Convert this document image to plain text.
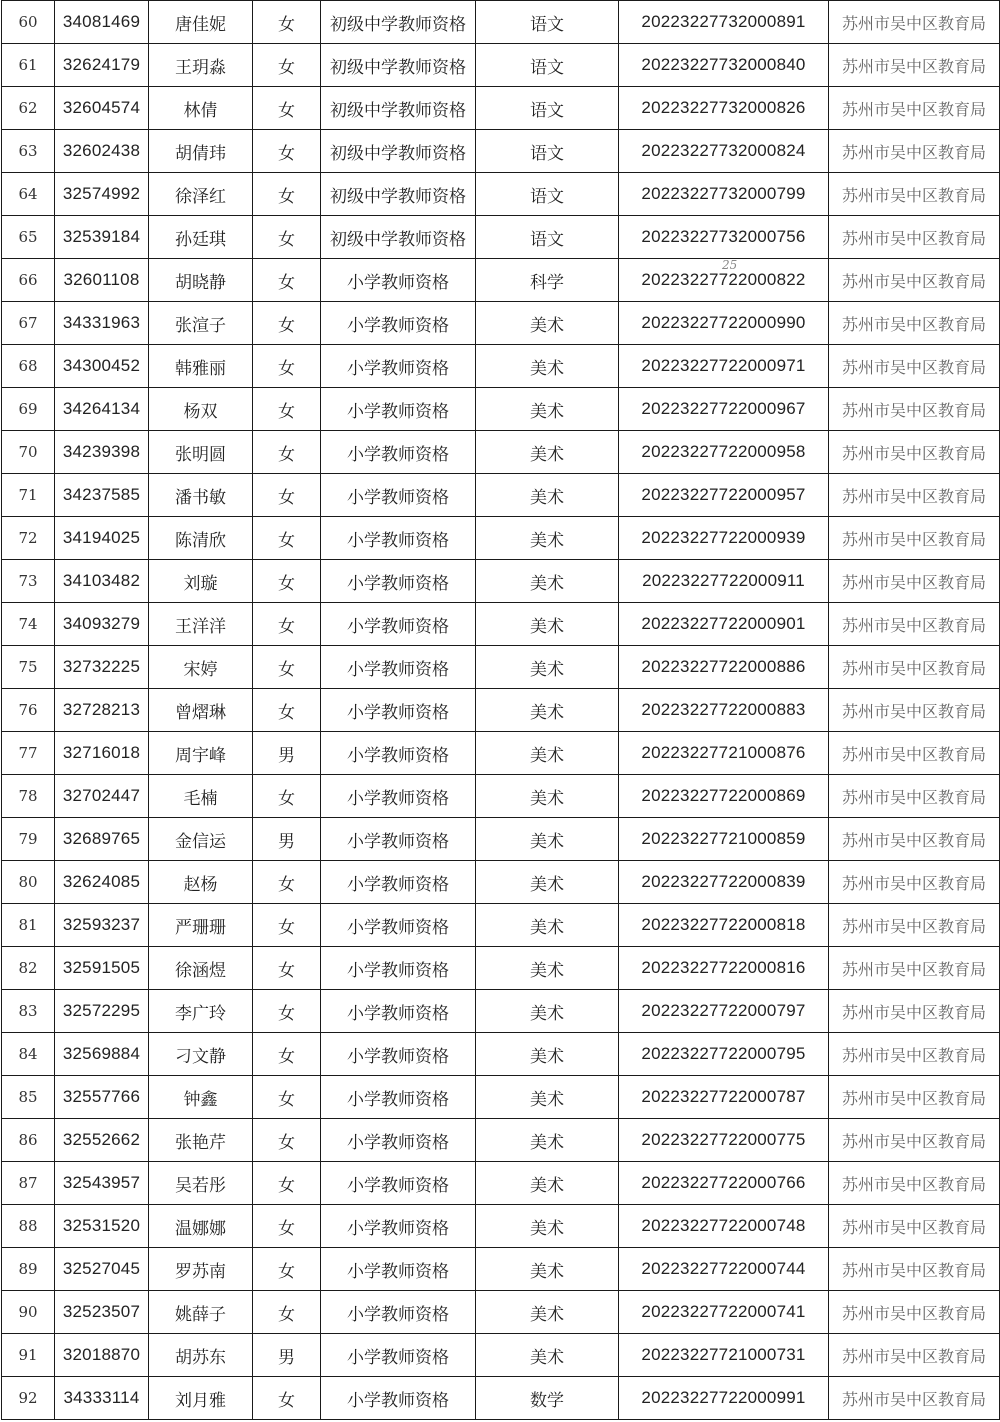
60	34081469	唐佳妮	女	初级中学教师资格	语文	20223227732000891	苏州市吴中区教育局
61	32624179	王玥淼	女	初级中学教师资格	语文	20223227732000840	苏州市吴中区教育局
62	32604574	林倩	女	初级中学教师资格	语文	20223227732000826	苏州市吴中区教育局
63	32602438	胡倩玮	女	初级中学教师资格	语文	20223227732000824	苏州市吴中区教育局
64	32574992	徐泽红	女	初级中学教师资格	语文	20223227732000799	苏州市吴中区教育局
65	32539184	孙廷琪	女	初级中学教师资格	语文	20223227732000756	苏州市吴中区教育局
66	32601108	胡晓静	女	小学教师资格	科学	20223227722000822	苏州市吴中区教育局
67	34331963	张渲子	女	小学教师资格	美术	20223227722000990	苏州市吴中区教育局
68	34300452	韩雅丽	女	小学教师资格	美术	20223227722000971	苏州市吴中区教育局
69	34264134	杨双	女	小学教师资格	美术	20223227722000967	苏州市吴中区教育局
70	34239398	张明圆	女	小学教师资格	美术	20223227722000958	苏州市吴中区教育局
71	34237585	潘书敏	女	小学教师资格	美术	20223227722000957	苏州市吴中区教育局
72	34194025	陈清欣	女	小学教师资格	美术	20223227722000939	苏州市吴中区教育局
73	34103482	刘璇	女	小学教师资格	美术	20223227722000911	苏州市吴中区教育局
74	34093279	王洋洋	女	小学教师资格	美术	20223227722000901	苏州市吴中区教育局
75	32732225	宋婷	女	小学教师资格	美术	20223227722000886	苏州市吴中区教育局
76	32728213	曾熠琳	女	小学教师资格	美术	20223227722000883	苏州市吴中区教育局
77	32716018	周宇峰	男	小学教师资格	美术	20223227721000876	苏州市吴中区教育局
78	32702447	毛楠	女	小学教师资格	美术	20223227722000869	苏州市吴中区教育局
79	32689765	金信运	男	小学教师资格	美术	20223227721000859	苏州市吴中区教育局
80	32624085	赵杨	女	小学教师资格	美术	20223227722000839	苏州市吴中区教育局
81	32593237	严珊珊	女	小学教师资格	美术	20223227722000818	苏州市吴中区教育局
82	32591505	徐涵煜	女	小学教师资格	美术	20223227722000816	苏州市吴中区教育局
83	32572295	李广玲	女	小学教师资格	美术	20223227722000797	苏州市吴中区教育局
84	32569884	刁文静	女	小学教师资格	美术	20223227722000795	苏州市吴中区教育局
85	32557766	钟鑫	女	小学教师资格	美术	20223227722000787	苏州市吴中区教育局
86	32552662	张艳芹	女	小学教师资格	美术	20223227722000775	苏州市吴中区教育局
87	32543957	吴若彤	女	小学教师资格	美术	20223227722000766	苏州市吴中区教育局
88	32531520	温娜娜	女	小学教师资格	美术	20223227722000748	苏州市吴中区教育局
89	32527045	罗苏南	女	小学教师资格	美术	20223227722000744	苏州市吴中区教育局
90	32523507	姚薛子	女	小学教师资格	美术	20223227722000741	苏州市吴中区教育局
91	32018870	胡苏东	男	小学教师资格	美术	20223227721000731	苏州市吴中区教育局
92	34333114	刘月雅	女	小学教师资格	数学	20223227722000991	苏州市吴中区教育局
25
